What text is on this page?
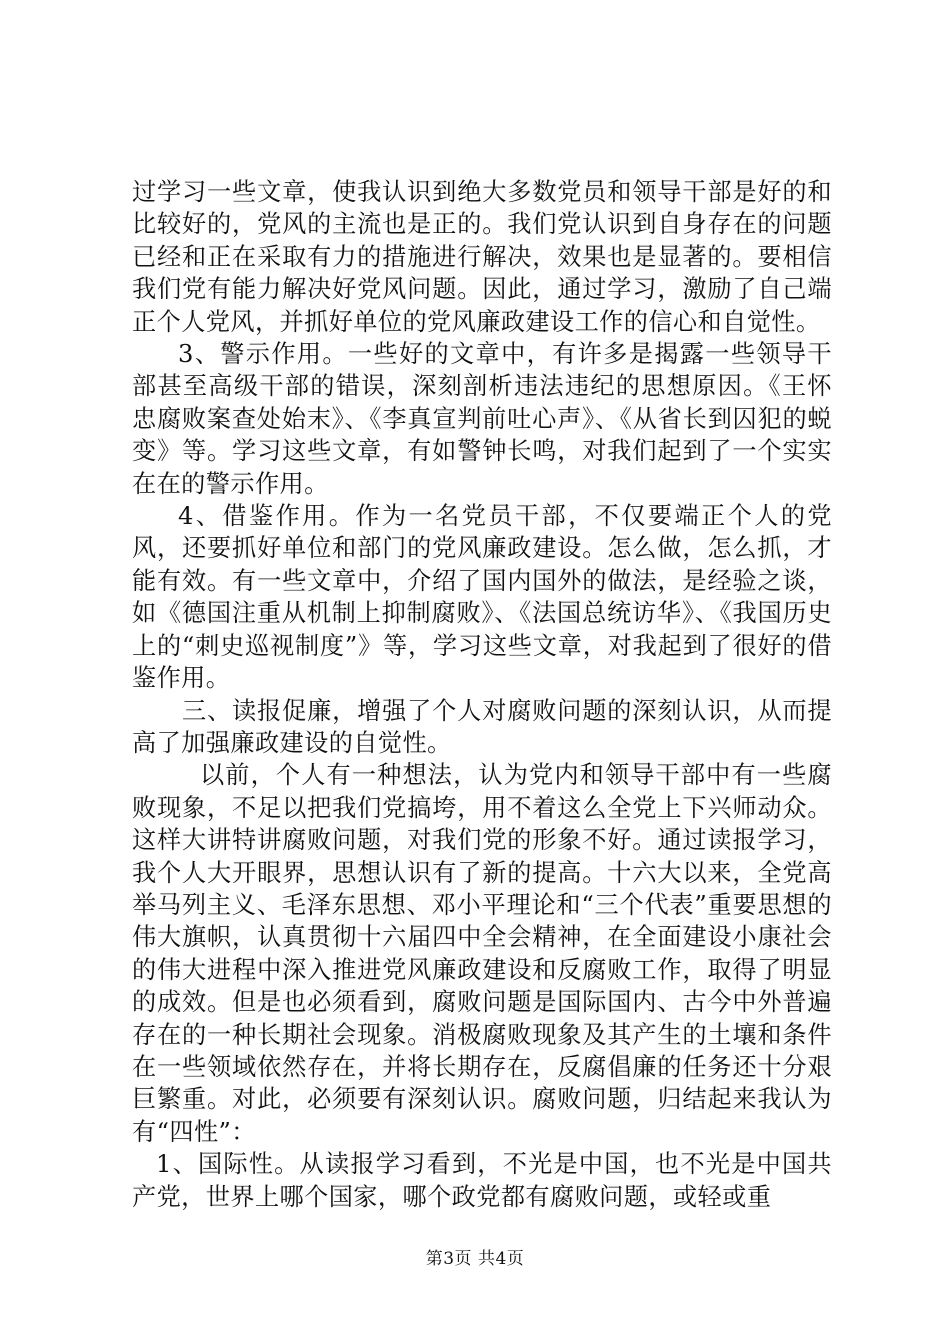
过学习一些文章，使我认识到绝大多数党员和领导干部是好的和比较好的，党风的主流也是正的。我们党认识到自身存在的问题已经和正在采取有力的措施进行解决，效果也是显著的。要相信我们党有能力解决好党风问题。因此，通过学习，激励了自己端正个人党风，并抓好单位的党风廉政建设工作的信心和自觉性。

3、警示作用。一些好的文章中，有许多是揭露一些领导干部甚至高级干部的错误，深刻剖析违法违纪的思想原因。《王怀忠腐败案查处始末》、《李真宣判前吐心声》、《从省长到囚犯的蜕变》等。学习这些文章，有如警钟长鸣，对我们起到了一个实实在在的警示作用。

4、借鉴作用。作为一名党员干部，不仅要端正个人的党风，还要抓好单位和部门的党风廉政建设。怎么做，怎么抓，才能有效。有一些文章中，介绍了国内国外的做法，是经验之谈，如《德国注重从机制上抑制腐败》、《法国总统访华》、《我国历史上的“刺史巡视制度”》等，学习这些文章，对我起到了很好的借鉴作用。

三、读报促廉，增强了个人对腐败问题的深刻认识，从而提高了加强廉政建设的自觉性。

以前，个人有一种想法，认为党内和领导干部中有一些腐败现象，不足以把我们党搞垮，用不着这么全党上下兴师动众。这样大讲特讲腐败问题，对我们党的形象不好。通过读报学习，我个人大开眼界，思想认识有了新的提高。十六大以来，全党高举马列主义、毛泽东思想、邓小平理论和“三个代表”重要思想的伟大旗帜，认真贯彻十六届四中全会精神，在全面建设小康社会的伟大进程中深入推进党风廉政建设和反腐败工作，取得了明显的成效。但是也必须看到，腐败问题是国际国内、古今中外普遍存在的一种长期社会现象。消极腐败现象及其产生的土壤和条件在一些领域依然存在，并将长期存在，反腐倡廉的任务还十分艰巨繁重。对此，必须要有深刻认识。腐败问题，归结起来我认为有“四性”：

1、国际性。从读报学习看到，不光是中国，也不光是中国共产党，世界上哪个国家，哪个政党都有腐败问题，或轻或重

第3页 共4页
